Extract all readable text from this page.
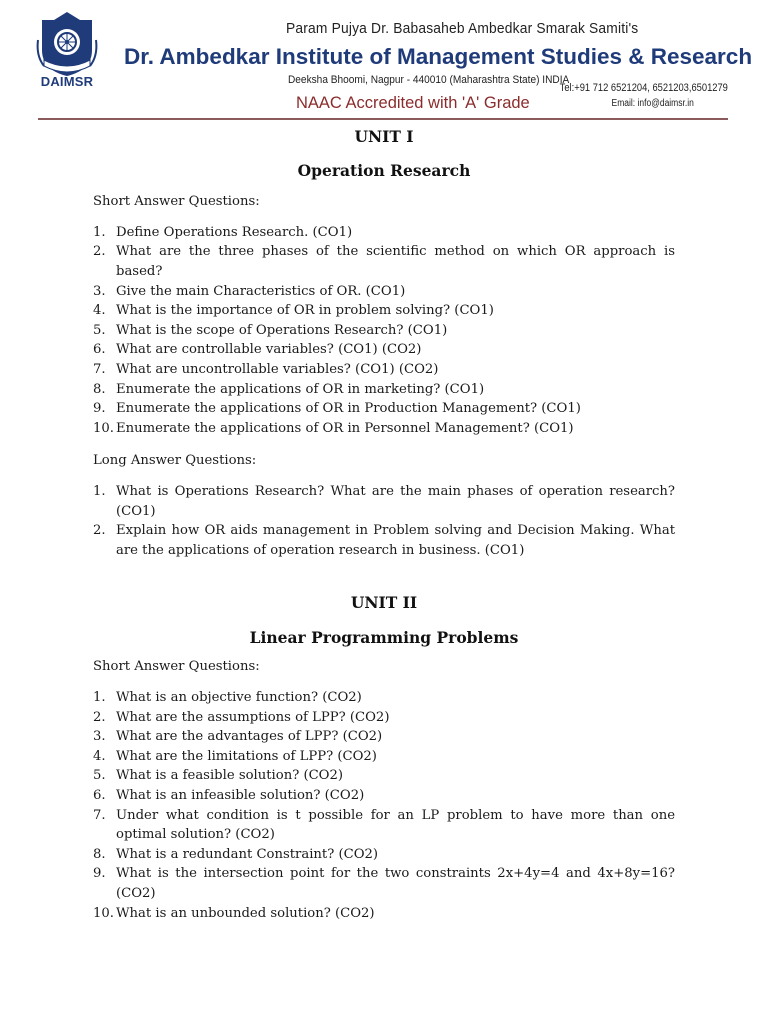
DAIMSR
Param Pujya Dr. Babasaheb Ambedkar Smarak Samiti's
Dr. Ambedkar Institute of Management Studies & Research
Deeksha Bhoomi, Nagpur - 440010 (Maharashtra State) INDIA
NAAC Accredited with 'A' Grade
Tel:+91 712 6521204, 6521203,6501279
Email: info@daimsr.in
UNIT I
Operation Research

Short Answer Questions:

1. Define Operations Research. (CO1)
2. What are the three phases of the scientific method on which OR approach is based?
3. Give the main Characteristics of OR. (CO1)
4. What is the importance of OR in problem solving? (CO1)
5. What is the scope of Operations Research? (CO1)
6. What are controllable variables? (CO1) (CO2)
7. What are uncontrollable variables? (CO1) (CO2)
8. Enumerate the applications of OR in marketing? (CO1)
9. Enumerate the applications of OR in Production Management? (CO1)
10. Enumerate the applications of OR in Personnel Management? (CO1)

Long Answer Questions:

1. What is Operations Research? What are the main phases of operation research? (CO1)
2. Explain how OR aids management in Problem solving and Decision Making. What are the applications of operation research in business. (CO1)
UNIT II
Linear Programming Problems

Short Answer Questions:

1. What is an objective function? (CO2)
2. What are the assumptions of LPP? (CO2)
3. What are the advantages of LPP? (CO2)
4. What are the limitations of LPP? (CO2)
5. What is a feasible solution? (CO2)
6. What is an infeasible solution? (CO2)
7. Under what condition is t possible for an LP problem to have more than one optimal solution? (CO2)
8. What is a redundant Constraint? (CO2)
9. What is the intersection point for the two constraints 2x+4y=4 and 4x+8y=16? (CO2)
10. What is an unbounded solution? (CO2)
